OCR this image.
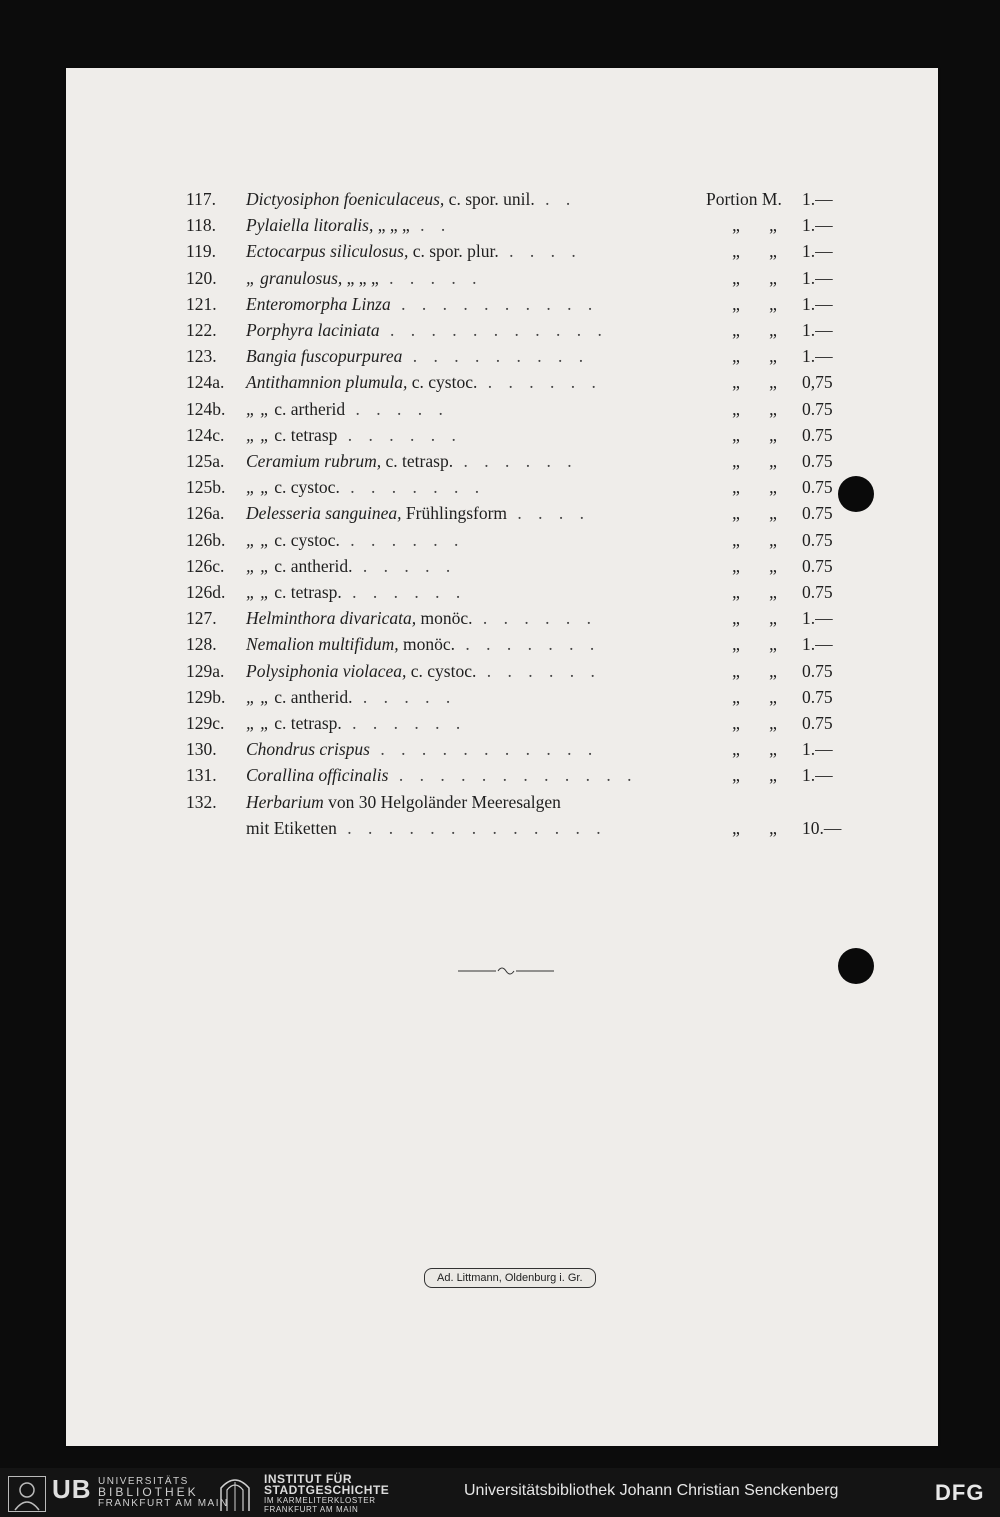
117.	Dictyosiphon foeniculaceus, c. spor. unil. . .	Portion M. 1.—
118.	Pylaiella litoralis, „ „ „ . .	„	„	1.—
119.	Ectocarpus siliculosus, c. spor. plur. . . . .	„	„	1.—
120.	„ granulosus, „ „ „ . . . . .	„	„	1.—
121.	Enteromorpha Linza . . . . . . . . . .	„	„	1.—
122.	Porphyra laciniata . . . . . . . . . . .	„	„	1.—
123.	Bangia fuscopurpurea . . . . . . . . .	„	„	1.—
124a.	Antithamnion plumula, c. cystoc. . . . . . .	„	„	0,75
124b.	„ „ c. artherid . . . . .	„	„	0.75
124c.	„ „ c. tetrasp . . . . . .	„	„	0.75
125a.	Ceramium rubrum, c. tetrasp. . . . . . .	„	„	0.75
125b.	„ „ c. cystoc. . . . . . . .	„	„	0.75
126a.	Delesseria sanguinea, Frühlingsform . . . .	„	„	0.75
126b.	„ „ c. cystoc. . . . . . .	„	„	0.75
126c.	„ „ c. antherid. . . . . .	„	„	0.75
126d.	„ „ c. tetrasp. . . . . . .	„	„	0.75
127.	Helminthora divaricata, monöc. . . . . . .	„	„	1.—
128.	Nemalion multifidum, monöc. . . . . . . .	„	„	1.—
129a.	Polysiphonia violacea, c. cystoc. . . . . . .	„	„	0.75
129b.	„ „ c. antherid. . . . . .	„	„	0.75
129c.	„ „ c. tetrasp. . . . . . .	„	„	0.75
130.	Chondrus crispus . . . . . . . . . . .	„	„	1.—
131.	Corallina officinalis . . . . . . . . . . . .	„	„	1.—
132.	Herbarium von 30 Helgoländer Meeresalgen
mit Etiketten . . . . . . . . . . . . .	„	„	10.—
Ad. Littmann, Oldenburg i. Gr.
UB UNIVERSITÄTS
BIBLIOTHEK
FRANKFURT AM MAIN
INSTITUT FÜR
STADTGESCHICHTE
IM KARMELITERKLOSTER
FRANKFURT AM MAIN
Universitätsbibliothek Johann Christian Senckenberg	DFG
